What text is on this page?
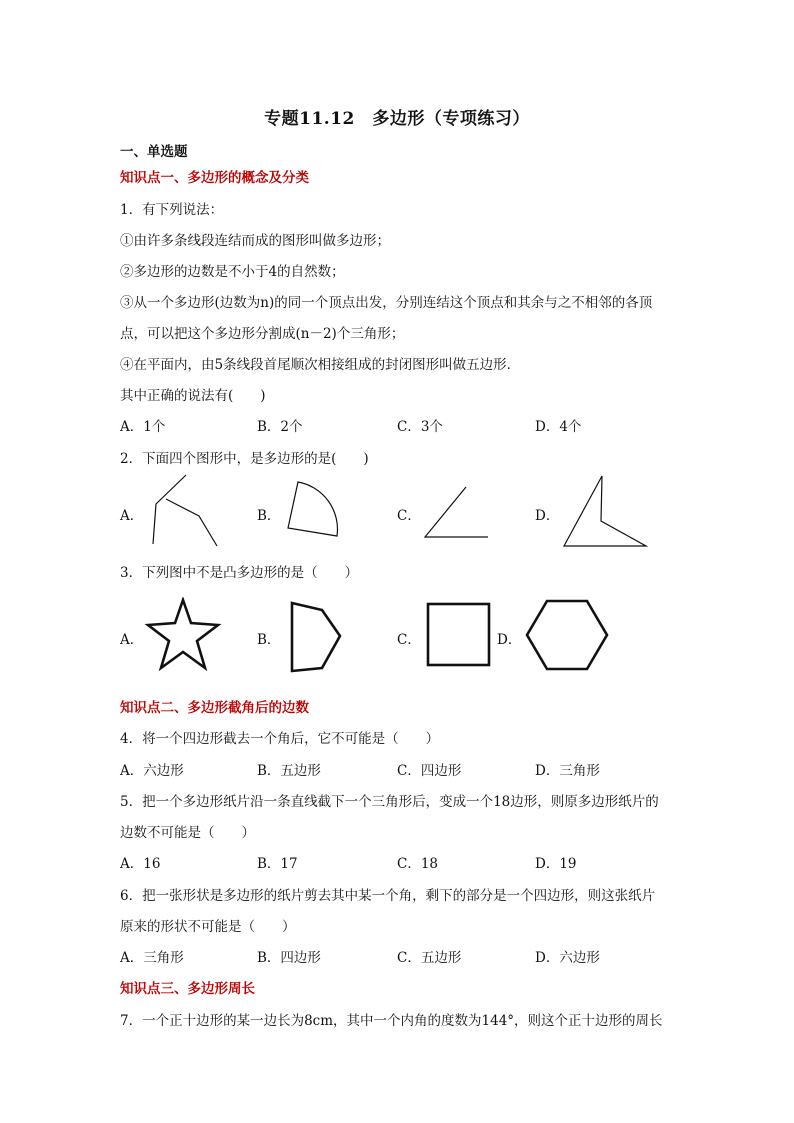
专题11.12　多边形（专项练习）
一、单选题
知识点一、多边形的概念及分类
1．有下列说法：
①由许多条线段连结而成的图形叫做多边形；
②多边形的边数是不小于4的自然数；
③从一个多边形(边数为n)的同一个顶点出发，分别连结这个顶点和其余与之不相邻的各顶
点，可以把这个多边形分割成(n－2)个三角形；
④在平面内，由5条线段首尾顺次相接组成的封闭图形叫做五边形．
其中正确的说法有(　　)
A．1个	B．2个	C．3个	D．4个
2．下面四个图形中，是多边形的是(　　)
A．	B．	C．	D．
3．下列图中不是凸多边形的是（　　）
A．	B．	C．	D．
知识点二、多边形截角后的边数
4．将一个四边形截去一个角后，它不可能是（　　）
A．六边形	B．五边形	C．四边形	D．三角形
5．把一个多边形纸片沿一条直线截下一个三角形后，变成一个18边形，则原多边形纸片的
边数不可能是（　　）
A．16	B．17	C．18	D．19
6．把一张形状是多边形的纸片剪去其中某一个角，剩下的部分是一个四边形，则这张纸片
原来的形状不可能是（　　）
A．三角形	B．四边形	C．五边形	D．六边形
知识点三、多边形周长
7．一个正十边形的某一边长为8cm，其中一个内角的度数为144°，则这个正十边形的周长
